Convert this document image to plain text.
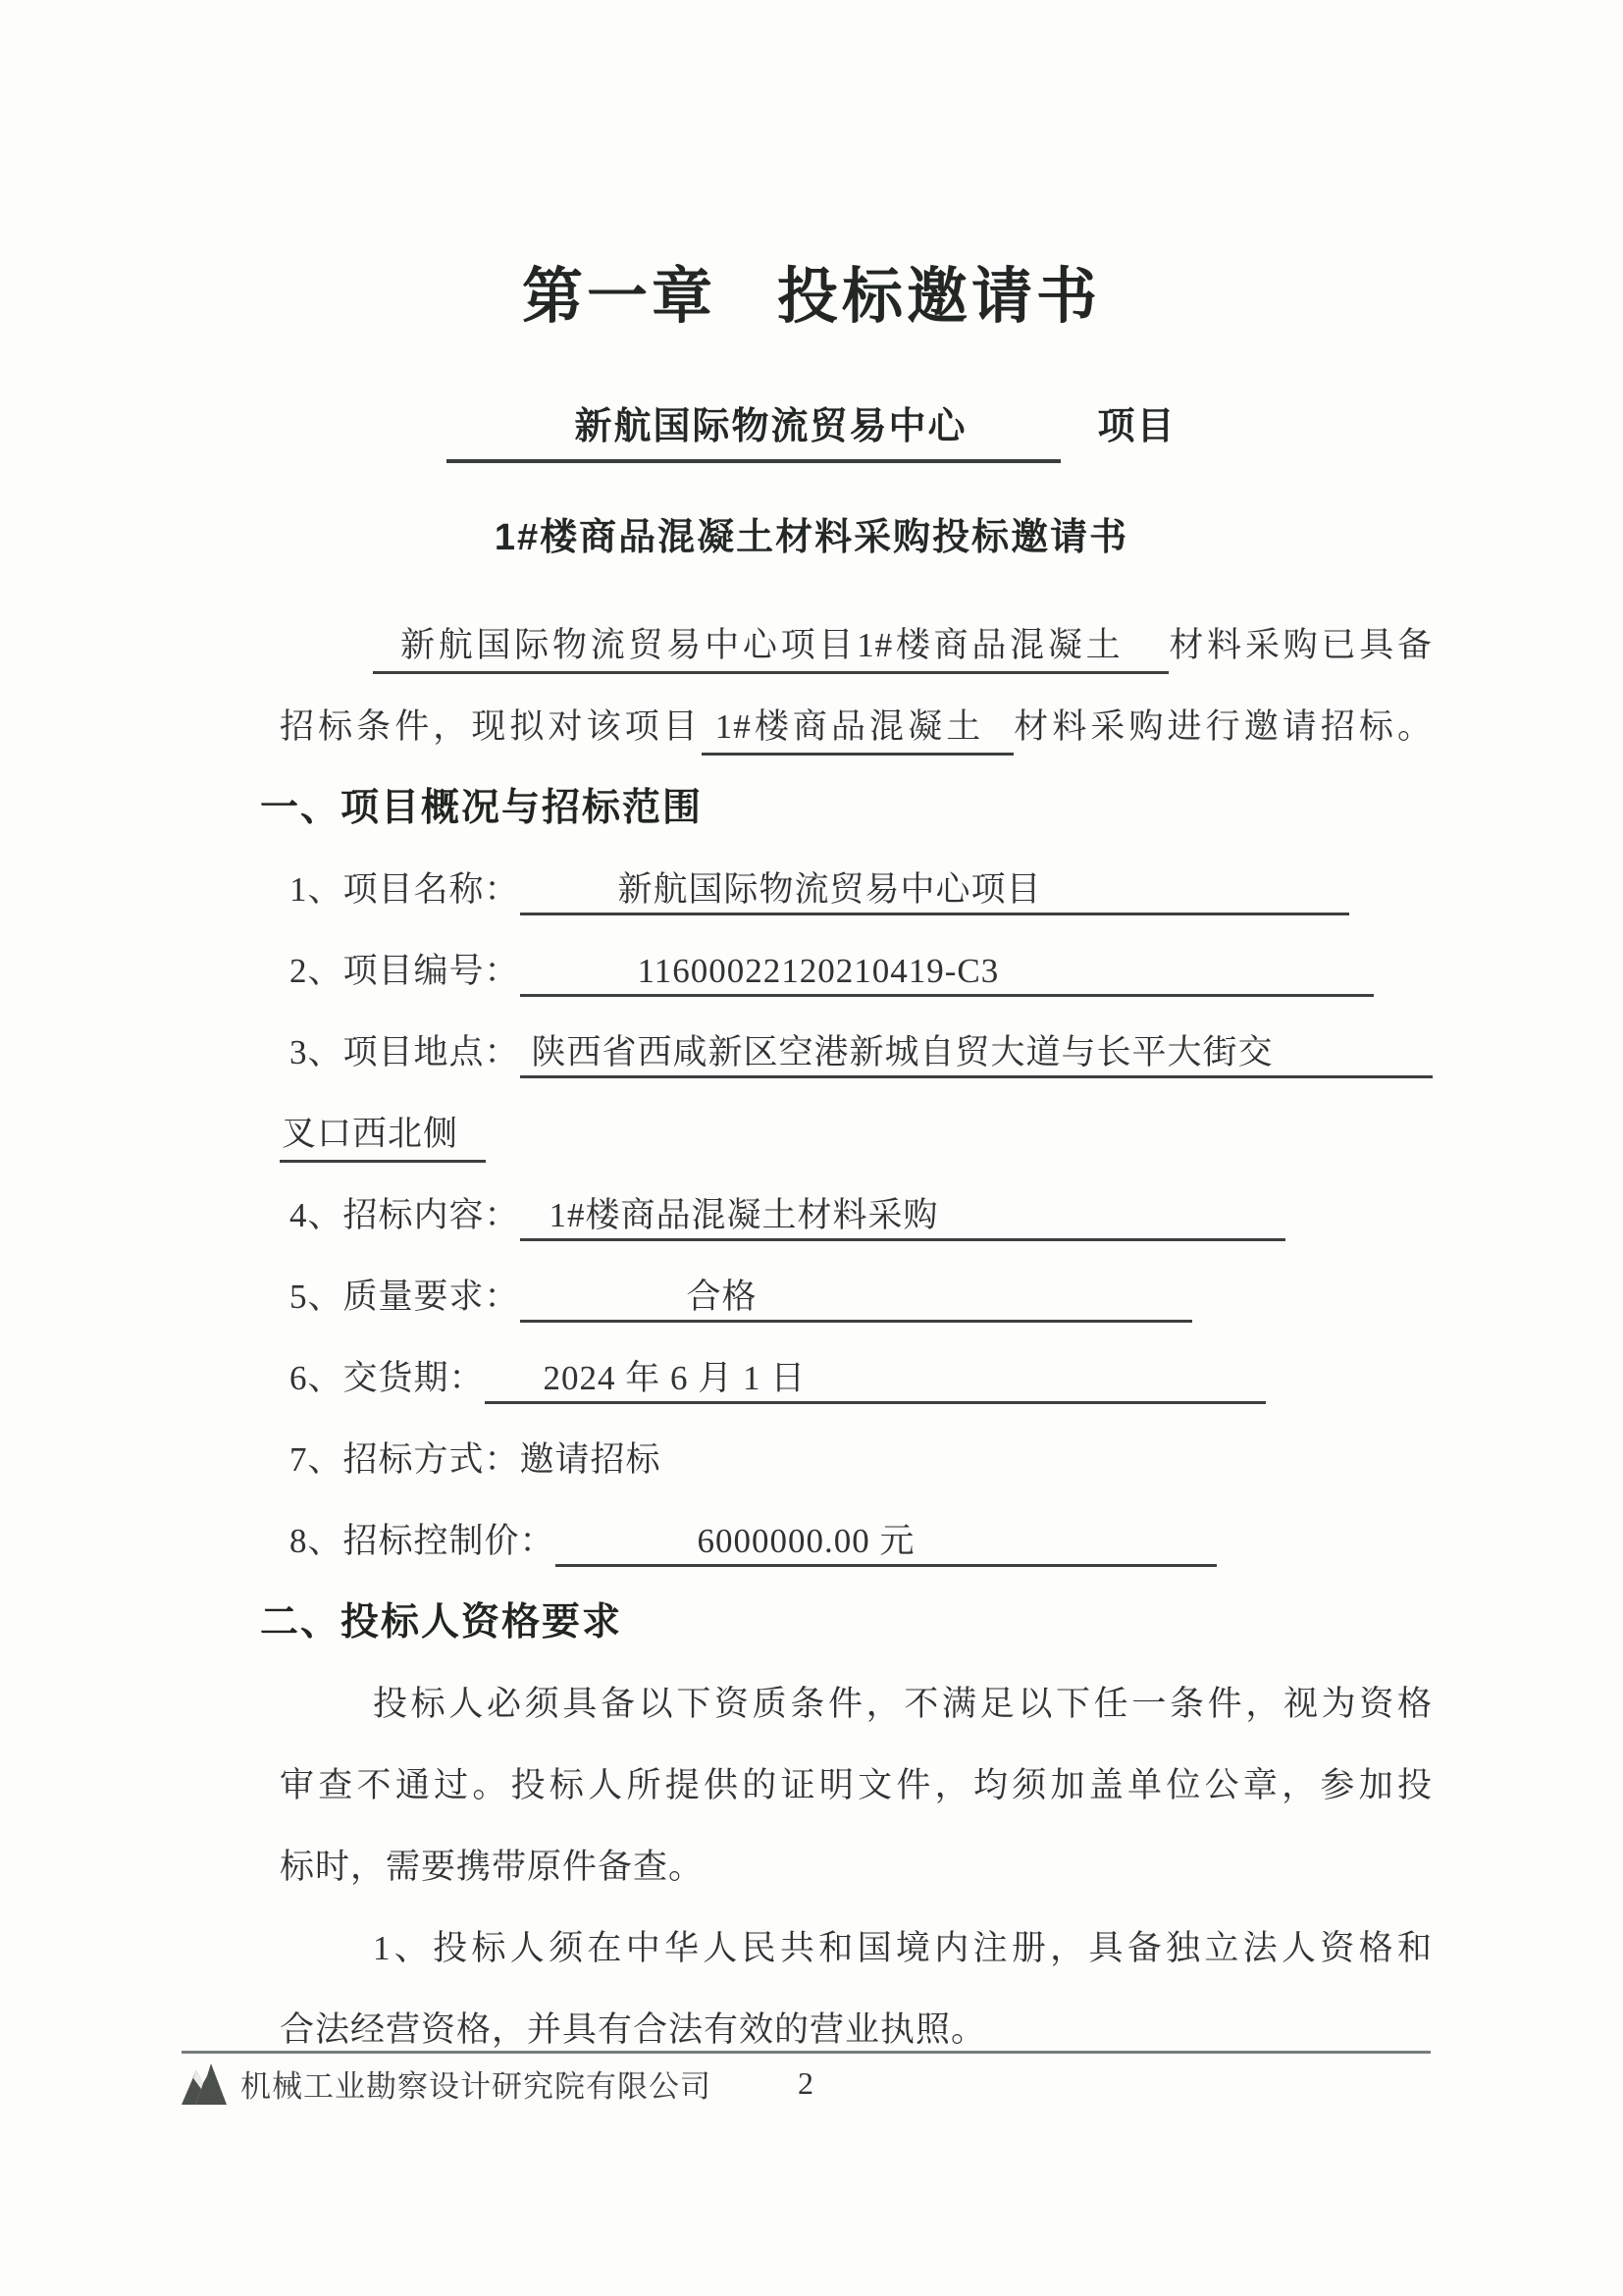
第一章 投标邀请书
新航国际物流贸易中心	项目
1#楼商品混凝土材料采购投标邀请书
新航国际物流贸易中心项目1#楼商品混凝土 材料采购已具备
招标条件，现拟对该项目 1#楼商品混凝土 材料采购进行邀请招标。
一、项目概况与招标范围
1、项目名称：	新航国际物流贸易中心项目
2、项目编号：	11600022120210419-C3
3、项目地点： 陕西省西咸新区空港新城自贸大道与长平大街交
叉口西北侧
4、招标内容： 1#楼商品混凝土材料采购
5、质量要求：	合格
6、交货期：	2024 年 6 月 1 日
7、招标方式： 邀请招标
8、招标控制价：	6000000.00 元
二、投标人资格要求
投标人必须具备以下资质条件，不满足以下任一条件，视为资格
审查不通过。投标人所提供的证明文件，均须加盖单位公章，参加投
标时，需要携带原件备查。
1、投标人须在中华人民共和国境内注册，具备独立法人资格和
合法经营资格，并具有合法有效的营业执照。
机械工业勘察设计研究院有限公司	2
